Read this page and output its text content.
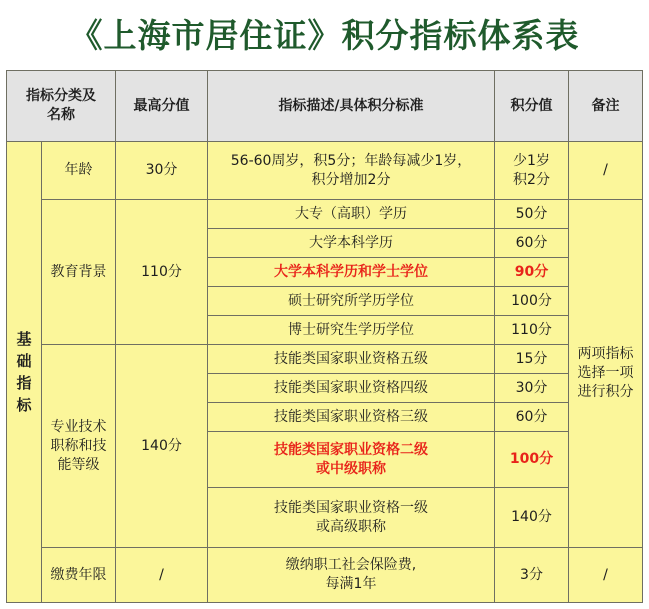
《上海市居住证》积分指标体系表
指标分类及
名称		最高分值	指标描述/具体积分标准	积分值	备注
基
础
指
标	年龄	30分	56-60周岁，积5分；年龄每减少1岁，
积分增加2分	少1岁
积2分	/
	教育背景	110分	大专（高职）学历	50分	两项指标
选择一项
进行积分
			大学本科学历	60分	
			大学本科学历和学士学位	90分	
			硕士研究所学历学位	100分	
			博士研究生学历学位	110分	
	专业技术
职称和技
能等级	140分	技能类国家职业资格五级	15分	
			技能类国家职业资格四级	30分	
			技能类国家职业资格三级	60分	
			技能类国家职业资格二级
或中级职称	100分	
			技能类国家职业资格一级
或高级职称	140分	
	缴费年限	/	缴纳职工社会保险费,
每满1年	3分	/
